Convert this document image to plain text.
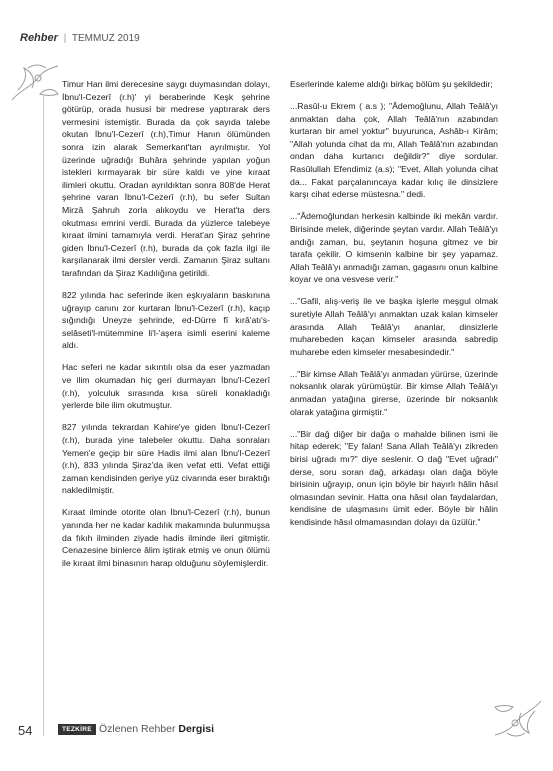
Rehber | TEMMUZ 2019

Timur Han ilmi derecesine saygı duymasından dolayı, İbnu'l-Cezerî (r.h)' yi beraberinde Keşk şehrine götürüp, orada hususi bir medrese yaptırarak ders vermesini istemiştir. Burada da çok sayıda talebe okutan İbnu'l-Cezerî (r.h),Timur Hanın ölümünden sonra izin alarak Semerkant'tan ayrılmıştır. Yol üzerinde uğradığı Buhâra şehrinde yapılan yoğun istekleri kırmayarak bir süre kaldı ve yine kıraat ilimleri okuttu. Oradan ayrıldıktan sonra 808'de Herat şehrine varan İbnu'l-Cezerî (r.h), bu sefer Sultan Mirzâ Şahruh zorla alıkoydu ve Herat'ta ders okutması emrini verdi. Burada da yüzlerce talebeye kıraat ilmini tamamıyla verdi. Herat'an Şiraz şehrine giden İbnu'l-Cezerî (r.h), burada da çok fazla ilgi ile karşılanarak ilmi dersler verdi. Zamanın Şiraz sultanı tarafından da Şiraz Kadılığına getirildi.

822 yılında hac seferinde iken eşkıyaların baskınına uğrayıp canını zor kurtaran İbnu'l-Cezerî (r.h), kaçıp sığındığı Uneyze şehrinde, ed-Dürre fî kırâ'atı's-selâseti'l-mütemmine li'l-'aşera isimli eserini kaleme aldı.

Hac seferi ne kadar sıkıntılı olsa da eser yazmadan ve ilim okumadan hiç geri durmayan İbnu'l-Cezerî (r.h), yolculuk sırasında kısa süreli konakladığı yerlerde bile ilim okutmuştur.

827 yılında tekrardan Kahire'ye giden İbnu'l-Cezerî (r.h), burada yine talebeler okuttu. Daha sonraları Yemen'e geçip bir süre Hadis ilmi alan İbnu'l-Cezerî (r.h), 833 yılında Şiraz'da iken vefat etti. Vefat ettiği zaman kendisinden geriye yüz civarında eser bıraktığı nakledilmiştir.

Kıraat ilminde otorite olan İbnu'l-Cezerî (r.h), bunun yanında her ne kadar kadılık makamında bulunmuşsa da fıkıh ilminden ziyade hadis ilminde ileri gitmiştir. Cenazesine binlerce âlim iştirak etmiş ve onun ölümü ile kıraat ilmi binasının harap olduğunu söylemişlerdir.

Eserlerinde kaleme aldığı birkaç bölüm şu şekildedir;

...Rasûl-u Ekrem ( a.s ); "Âdemoğlunu, Allah Teâlâ'yı anmaktan daha çok, Allah Teâlâ'nın azabından kurtaran bir amel yoktur" buyurunca, Ashâb-ı Kirâm; "Allah yolunda cihat da mı, Allah Teâlâ'nın azabından ondan daha kurtarıcı değildir?" diye sordular. Rasûlullah Efendimiz (a.s); "Evet, Allah yolunda cihat da... Fakat parçalanıncaya kadar kılıç ile dinsizlere karşı cihat ederse müstesna." dedi.

..."Âdemoğlundan herkesin kalbinde iki mekân vardır. Birisinde melek, diğerinde şeytan vardır. Allah Teâlâ'yı andığı zaman, bu, şeytanın hoşuna gitmez ve bir tarafa çekilir. O kimsenin kalbine bir şey yapamaz. Allah Teâlâ'yı anmadığı zaman, gagasını onun kalbine koyar ve ona vesvese verir."

..."Gafil, alış-veriş ile ve başka işlerle meşgul olmak suretiyle Allah Teâlâ'yı anmaktan uzak kalan kimseler arasında Allah Teâlâ'yı ananlar, dinsizlerle muharebeden kaçan kimseler arasında sabredip muharebe eden kimseler mesabesindedir."

..."Bir kimse Allah Teâlâ'yı anmadan yürürse, üzerinde noksanlık olarak yürümüştür. Bir kimse Allah Teâlâ'yı anmadan yatağına girerse, üzerinde bir noksanlık olarak yatağına girmiştir."

..."Bir dağ diğer bir dağa o mahalde bilinen ismi ile hitap ederek; "Ey falan! Sana Allah Teâlâ'yı zikreden birisi uğradı mı?" diye seslenir. O dağ "Evet uğradı" derse, soru soran dağ, arkadaşı olan dağa böyle birisinin uğrayıp, onun için böyle bir hayırlı hâlin hâsıl olmasından sevinir. Hatta ona hâsıl olan faydalardan, kendisine de ulaşmasını ümit eder. Böyle bir hâlin kendisinde hâsıl olmamasından dolayı da üzülür."

54	TEZKİRE Özlenen Rehber Dergisi
